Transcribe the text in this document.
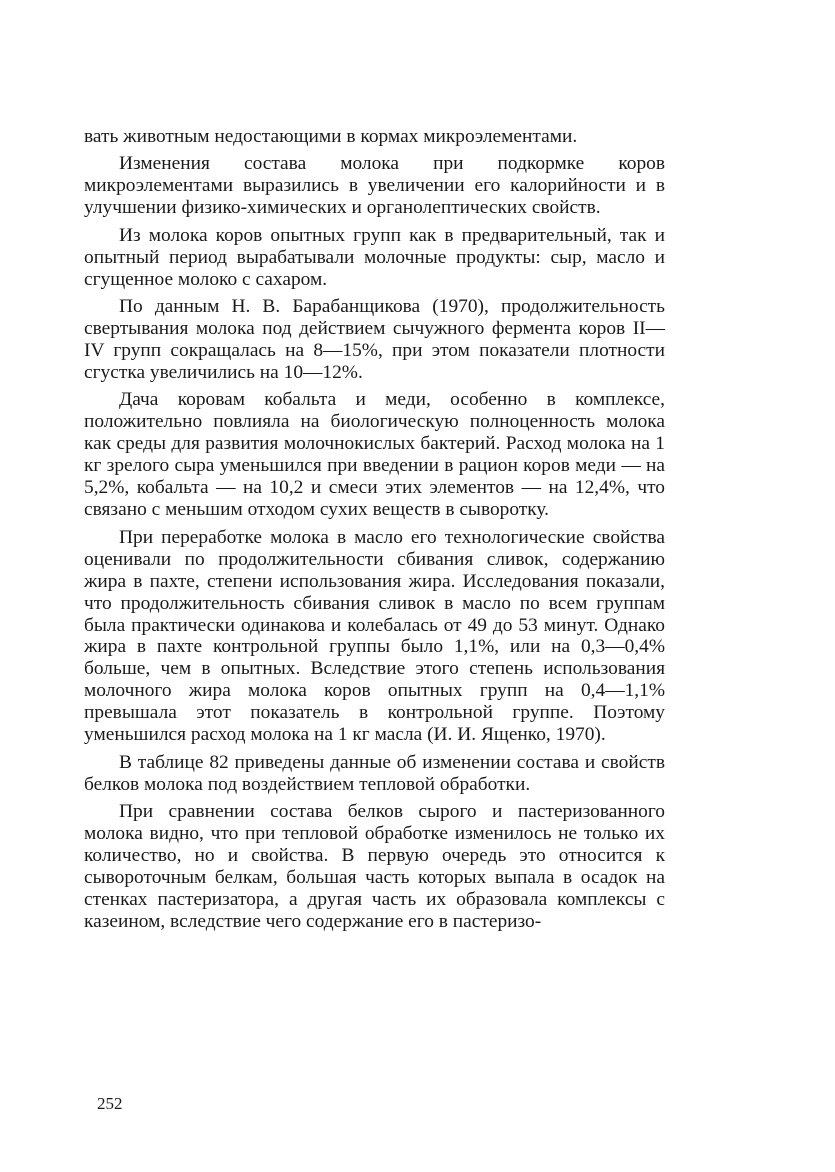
вать животным недостающими в кормах микроэлементами.

Изменения состава молока при подкормке коров микроэлементами выразились в увеличении его калорийности и в улучшении физико-химических и органолептических свойств.

Из молока коров опытных групп как в предварительный, так и опытный период вырабатывали молочные продукты: сыр, масло и сгущенное молоко с сахаром.

По данным Н. В. Барабанщикова (1970), продолжительность свертывания молока под действием сычужного фермента коров II—IV групп сокращалась на 8—15%, при этом показатели плотности сгустка увеличились на 10—12%.

Дача коровам кобальта и меди, особенно в комплексе, положительно повлияла на биологическую полноценность молока как среды для развития молочнокислых бактерий. Расход молока на 1 кг зрелого сыра уменьшился при введении в рацион коров меди — на 5,2%, кобальта — на 10,2 и смеси этих элементов — на 12,4%, что связано с меньшим отходом сухих веществ в сыворотку.

При переработке молока в масло его технологические свойства оценивали по продолжительности сбивания сливок, содержанию жира в пахте, степени использования жира. Исследования показали, что продолжительность сбивания сливок в масло по всем группам была практически одинакова и колебалась от 49 до 53 минут. Однако жира в пахте контрольной группы было 1,1%, или на 0,3—0,4% больше, чем в опытных. Вследствие этого степень использования молочного жира молока коров опытных групп на 0,4—1,1% превышала этот показатель в контрольной группе. Поэтому уменьшился расход молока на 1 кг масла (И. И. Ященко, 1970).

В таблице 82 приведены данные об изменении состава и свойств белков молока под воздействием тепловой обработки.

При сравнении состава белков сырого и пастеризованного молока видно, что при тепловой обработке изменилось не только их количество, но и свойства. В первую очередь это относится к сывороточным белкам, большая часть которых выпала в осадок на стенках пастеризатора, а другая часть их образовала комплексы с казеином, вследствие чего содержание его в пастеризо-

252
